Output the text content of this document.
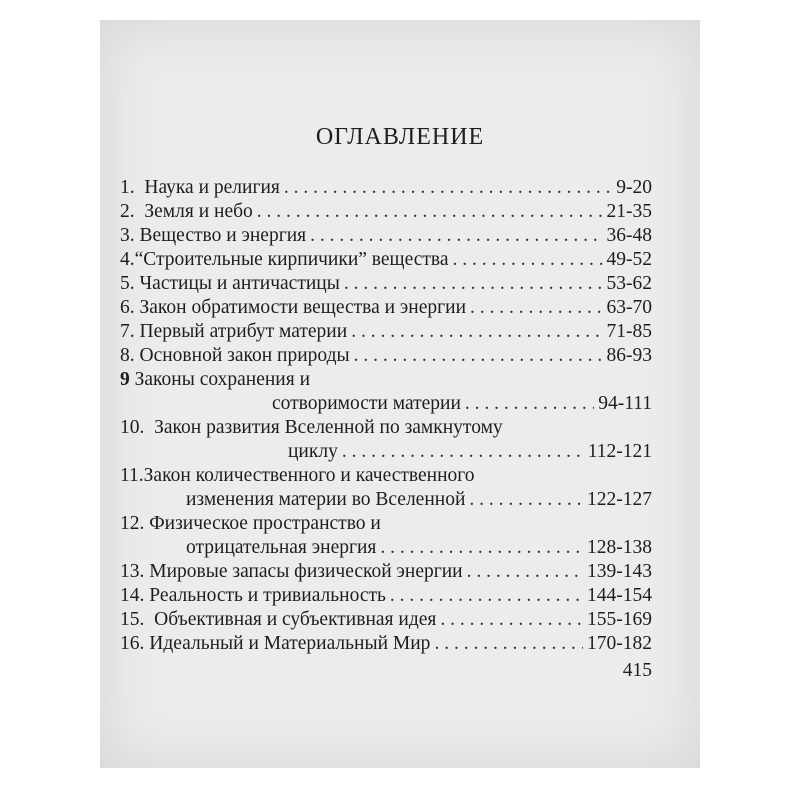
ОГЛАВЛЕНИЕ
1. Наука и религия . . .	9-20
2. Земля и небо . . .	21-35
3. Вещество и энергия . . .	36-48
4.“Строительные кирпичики” вещества . . .	49-52
5. Частицы и античастицы . . .	53-62
6. Закон обратимости вещества и энергии . . .	63-70
7. Первый атрибут материи . . .	71-85
8. Основной закон природы . . .	86-93
9 Законы сохранения и
сотворимости материи . . .	94-111
10. Закон развития Вселенной по замкнутому
циклу . . .	112-121
11.Закон количественного и качественного
изменения материи во Вселенной . . .	122-127
12. Физическое пространство и
отрицательная энергия . . .	128-138
13. Мировые запасы физической энергии . . .	139-143
14. Реальность и тривиальность . . .	144-154
15. Объективная и субъективная идея . . .	155-169
16. Идеальный и Материальный Мир . . .	170-182
415
